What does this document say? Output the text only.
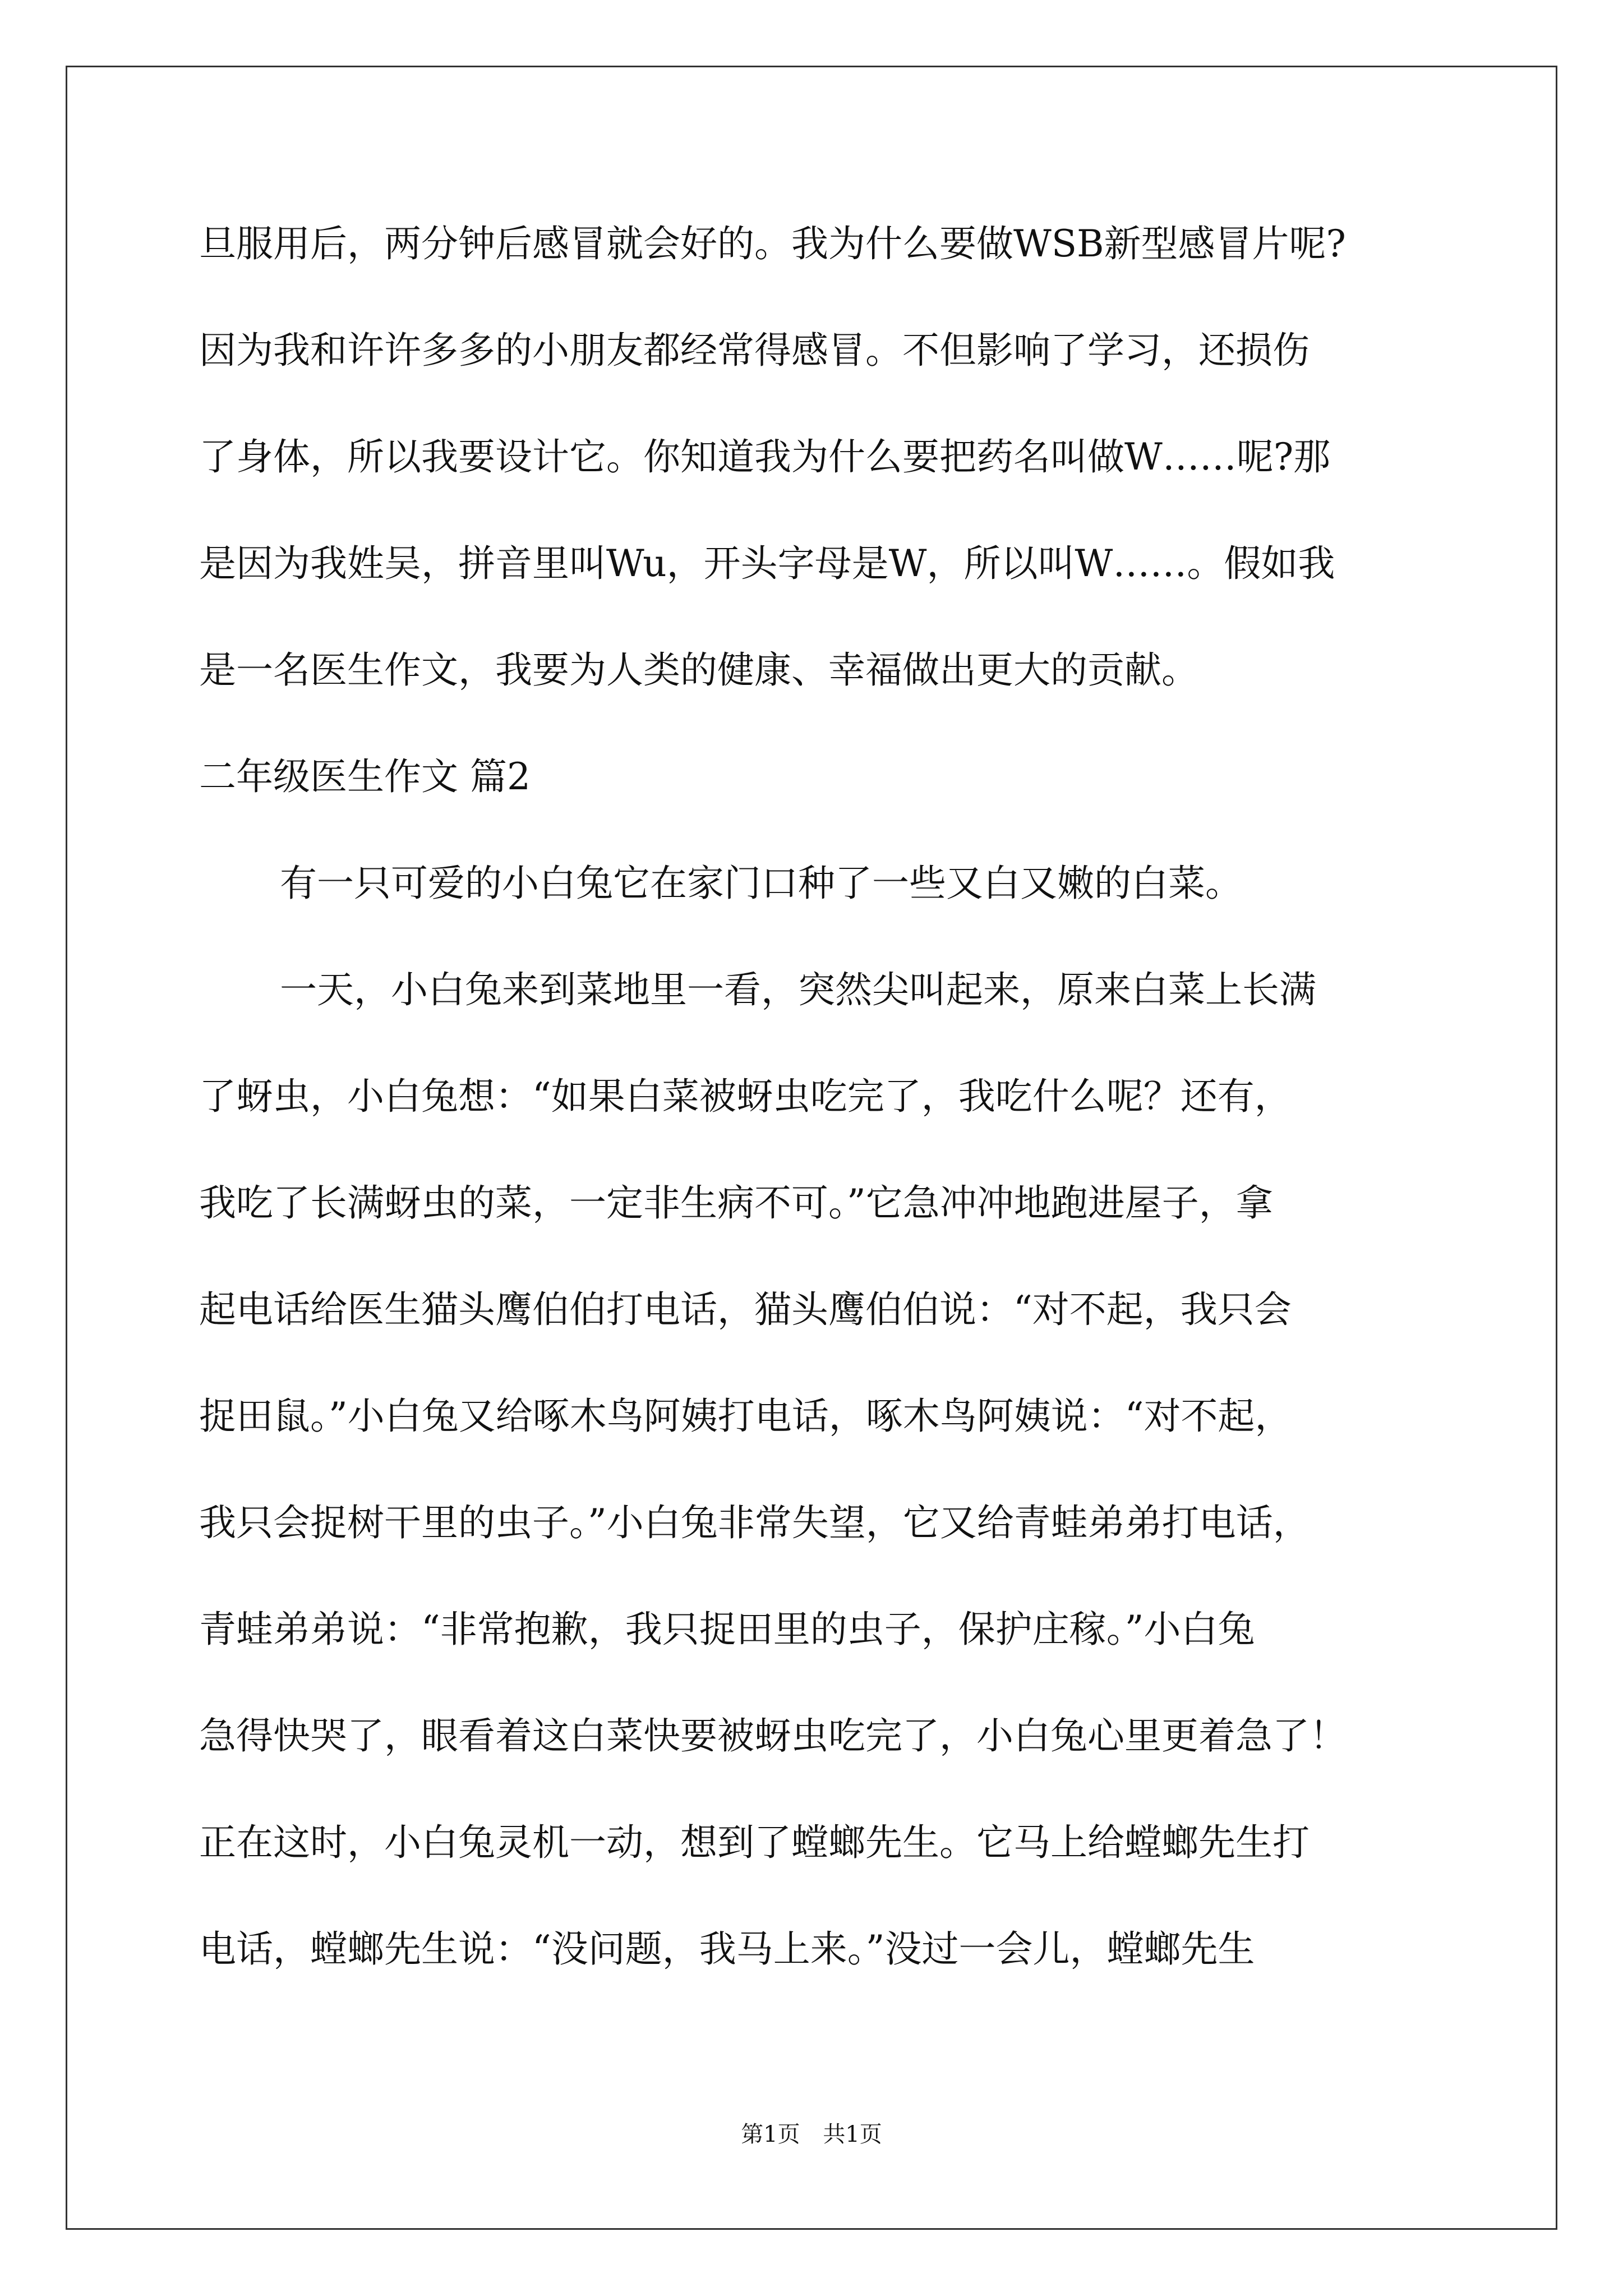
旦服用后，两分钟后感冒就会好的。我为什么要做WSB新型感冒片呢?
因为我和许许多多的小朋友都经常得感冒。不但影响了学习，还损伤
了身体，所以我要设计它。你知道我为什么要把药名叫做W……呢?那
是因为我姓吴，拼音里叫Wu，开头字母是W，所以叫W……。假如我
是一名医生作文，我要为人类的健康、幸福做出更大的贡献。
二年级医生作文 篇2
有一只可爱的小白兔它在家门口种了一些又白又嫩的白菜。
一天，小白兔来到菜地里一看，突然尖叫起来，原来白菜上长满
了蚜虫，小白兔想：“如果白菜被蚜虫吃完了，我吃什么呢？还有，
我吃了长满蚜虫的菜，一定非生病不可。”它急冲冲地跑进屋子，拿
起电话给医生猫头鹰伯伯打电话，猫头鹰伯伯说：“对不起，我只会
捉田鼠。”小白兔又给啄木鸟阿姨打电话，啄木鸟阿姨说：“对不起，
我只会捉树干里的虫子。”小白兔非常失望，它又给青蛙弟弟打电话，
青蛙弟弟说：“非常抱歉，我只捉田里的虫子，保护庄稼。”小白兔
急得快哭了，眼看着这白菜快要被蚜虫吃完了，小白兔心里更着急了！
正在这时，小白兔灵机一动，想到了螳螂先生。它马上给螳螂先生打
电话，螳螂先生说：“没问题，我马上来。”没过一会儿，螳螂先生
第1页 共1页
